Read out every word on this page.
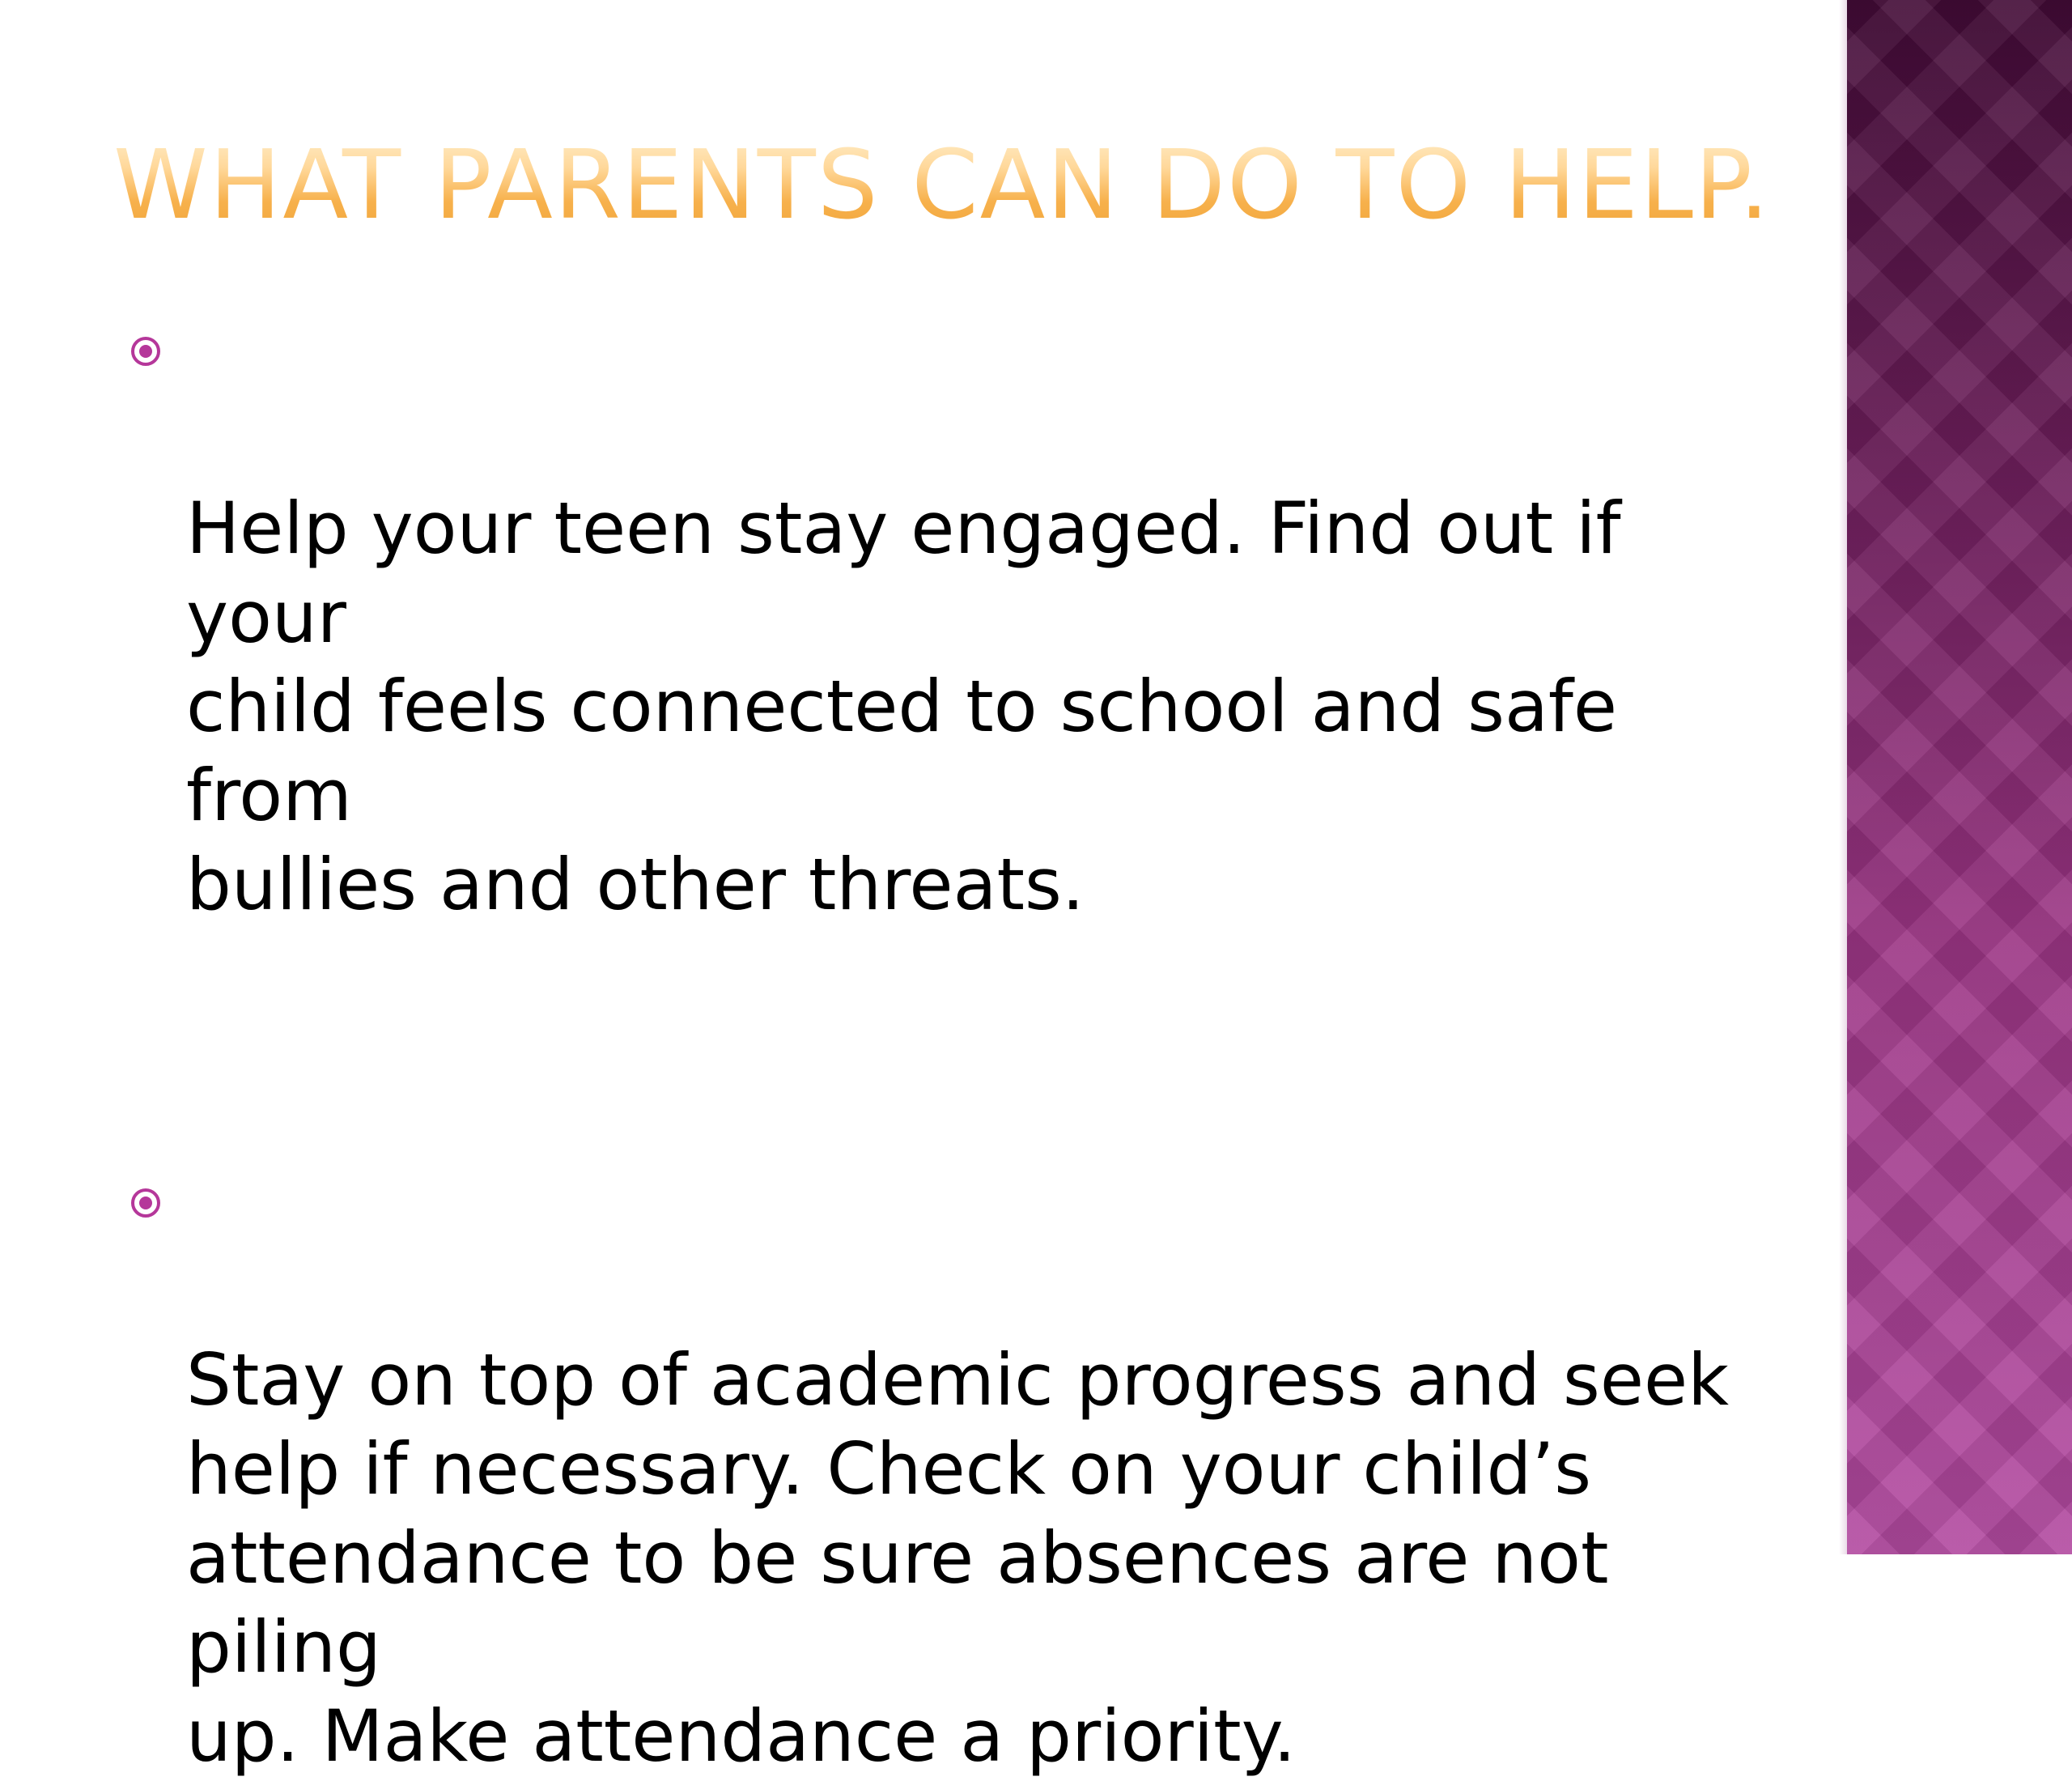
WHAT PARENTS CAN DO TO HELP.

Help your teen stay engaged. Find out if your
child feels connected to school and safe from
bullies and other threats.

Stay on top of academic progress and seek
help if necessary. Check on your child’s
attendance to be sure absences are not piling
up. Make attendance a priority.
